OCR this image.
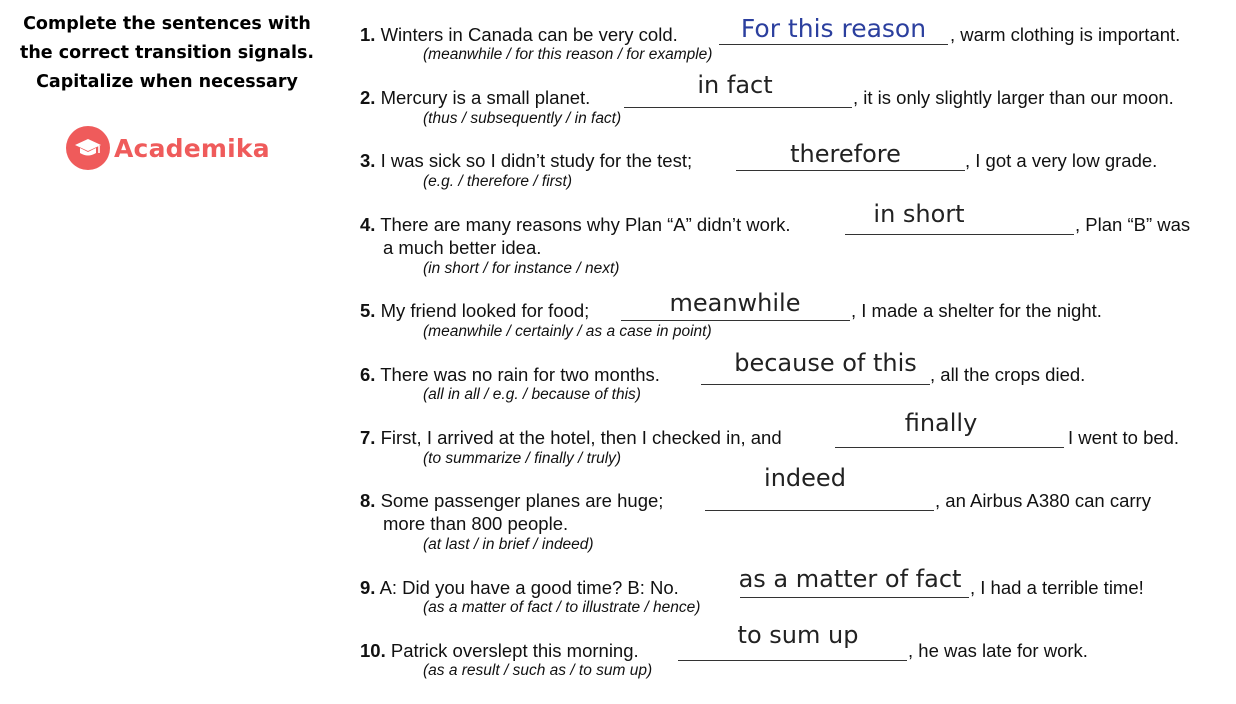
Complete the sentences with
the correct transition signals.
Capitalize when necessary
Academika
1. Winters in Canada can be very cold.	For this reason	, warm clothing is important.
(meanwhile / for this reason / for example)
2. Mercury is a small planet.	in fact	, it is only slightly larger than our moon.
(thus / subsequently / in fact)
3. I was sick so I didn’t study for the test;	therefore	, I got a very low grade.
(e.g. / therefore / first)
4. There are many reasons why Plan “A” didn’t work.	in short	, Plan “B” was
a much better idea.
(in short / for instance / next)
5. My friend looked for food;	meanwhile	, I made a shelter for the night.
(meanwhile / certainly / as a case in point)
6. There was no rain for two months.	because of this , all the crops died.
(all in all / e.g. / because of this)
7. First, I arrived at the hotel, then I checked in, and
finally
I went to bed.
(to summarize / finally / truly)
8. Some passenger planes are huge;
indeed
, an Airbus A380 can carry
more than 800 people.
(at last / in brief / indeed)
9. A: Did you have a good time? B: No. as a matter of fact , I had a terrible time!
(as a matter of fact / to illustrate / hence)
10. Patrick overslept this morning.
to sum up
, he was late for work.
(as a result / such as / to sum up)
